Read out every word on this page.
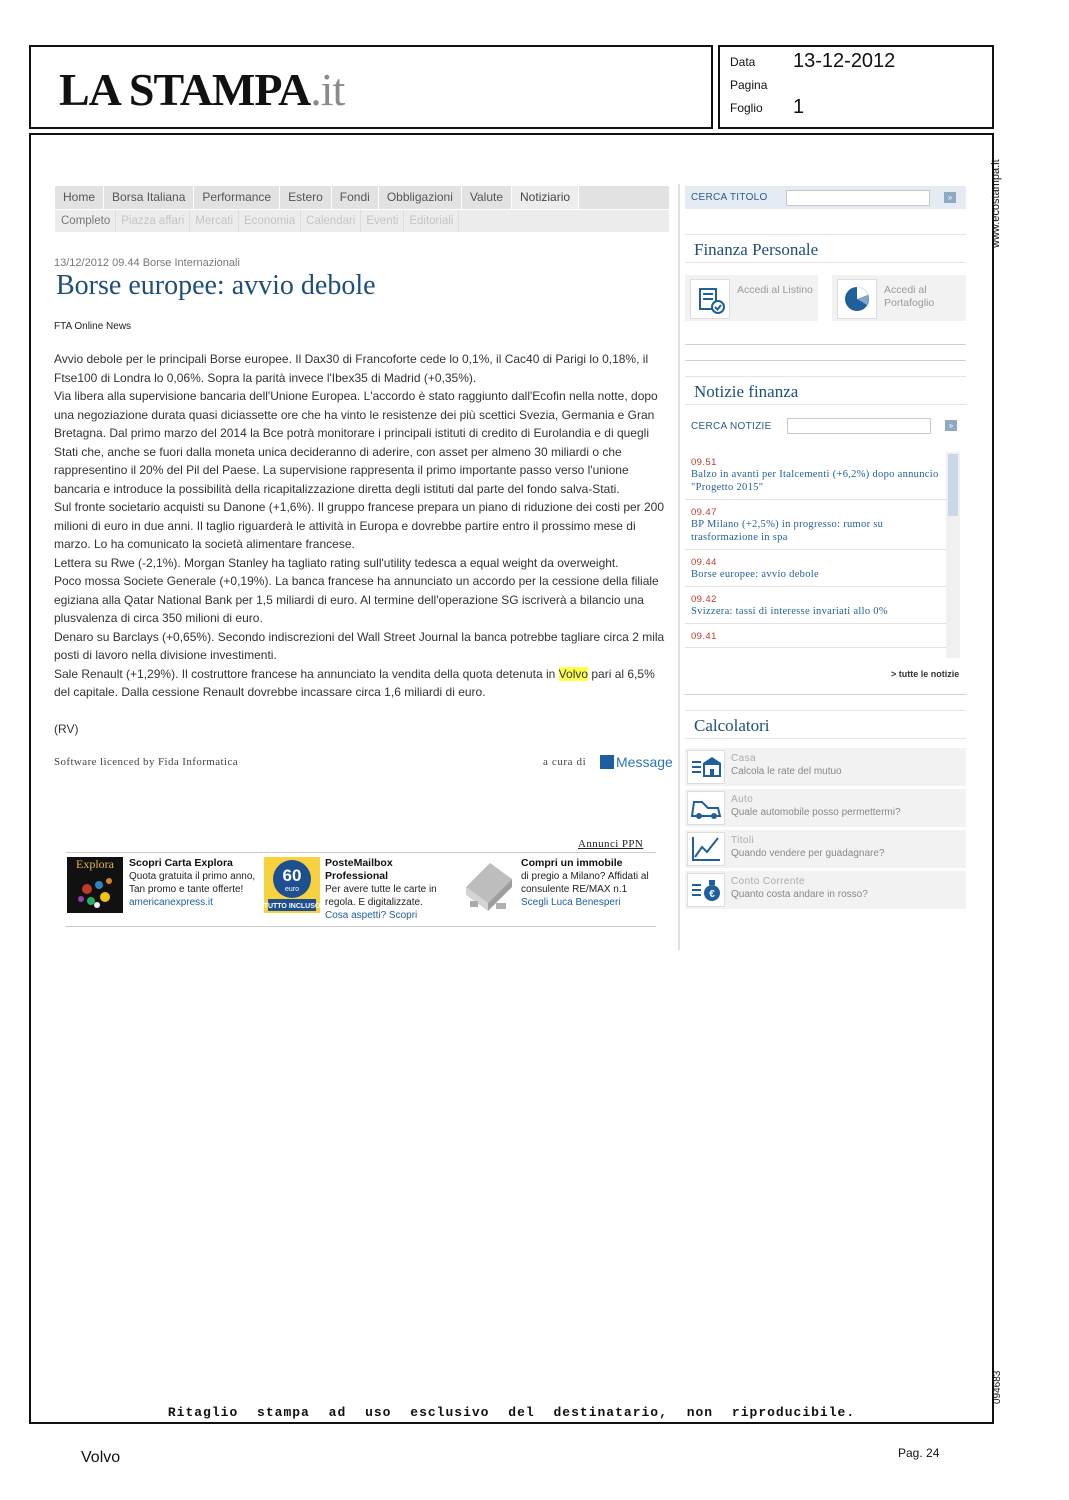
LA STAMPA.it
Data 13-12-2012
Pagina
Foglio 1
www.ecostampa.it
094683
Home	Borsa Italiana	Performance	Estero	Fondi	Obbligazioni	Valute	Notiziario
Completo Piazza affari Mercati Economia Calendari Eventi Editoriali
13/12/2012 09.44 Borse Internazionali
Borse europee: avvio debole
FTA Online News

Avvio debole per le principali Borse europee. Il Dax30 di Francoforte cede lo 0,1%, il Cac40 di Parigi lo 0,18%, il Ftse100 di Londra lo 0,06%. Sopra la parità invece l'Ibex35 di Madrid (+0,35%).

Via libera alla supervisione bancaria dell'Unione Europea. L'accordo è stato raggiunto dall'Ecofin nella notte, dopo una negoziazione durata quasi diciassette ore che ha vinto le resistenze dei più scettici Svezia, Germania e Gran Bretagna. Dal primo marzo del 2014 la Bce potrà monitorare i principali istituti di credito di Eurolandia e di quegli Stati che, anche se fuori dalla moneta unica decideranno di aderire, con asset per almeno 30 miliardi o che rappresentino il 20% del Pil del Paese. La supervisione rappresenta il primo importante passo verso l'unione bancaria e introduce la possibilità della ricapitalizzazione diretta degli istituti dal parte del fondo salva-Stati.

Sul fronte societario acquisti su Danone (+1,6%). Il gruppo francese prepara un piano di riduzione dei costi per 200 milioni di euro in due anni. Il taglio riguarderà le attività in Europa e dovrebbe partire entro il prossimo mese di marzo. Lo ha comunicato la società alimentare francese.

Lettera su Rwe (-2,1%). Morgan Stanley ha tagliato rating sull'utility tedesca a equal weight da overweight.

Poco mossa Societe Generale (+0,19%). La banca francese ha annunciato un accordo per la cessione della filiale egiziana alla Qatar National Bank per 1,5 miliardi di euro. Al termine dell'operazione SG iscriverà a bilancio una plusvalenza di circa 350 milioni di euro.

Denaro su Barclays (+0,65%). Secondo indiscrezioni del Wall Street Journal la banca potrebbe tagliare circa 2 mila posti di lavoro nella divisione investimenti.

Sale Renault (+1,29%). Il costruttore francese ha annunciato la vendita della quota detenuta in Volvo pari al 6,5% del capitale. Dalla cessione Renault dovrebbe incassare circa 1,6 miliardi di euro.

(RV)
Software licenced by Fida Informatica	a cura di Message
Annunci PPN
Explora Scopri Carta Explora
Quota gratuita il primo anno, Tan promo e tante offerte!
americanexpress.it
60
euro
TUTTO INCLUSO
PosteMailbox Professional
Per avere tutte le carte in regola. E digitalizzate.
Cosa aspetti? Scopri
Compri un immobile
di pregio a Milano? Affidati al consulente RE/MAX n.1
Scegli Luca Benesperi
CERCA TITOLO	»
Finanza Personale
Accedi al Listino	Accedi al Portafoglio
Notizie finanza
CERCA NOTIZIE	»
09.51
Balzo in avanti per Italcementi (+6,2%) dopo annuncio "Progetto 2015"
09.47
BP Milano (+2,5%) in progresso: rumor su trasformazione in spa
09.44
Borse europee: avvio debole
09.42
Svizzera: tassi di interesse invariati allo 0%
09.41
> tutte le notizie
Calcolatori
Casa
Calcola le rate del mutuo
Auto
Quale automobile posso permettermi?
Titoli
Quando vendere per guadagnare?
€
Conto Corrente
Quanto costa andare in rosso?
Ritaglio stampa ad uso esclusivo del destinatario, non riproducibile.
Volvo	Pag. 24
